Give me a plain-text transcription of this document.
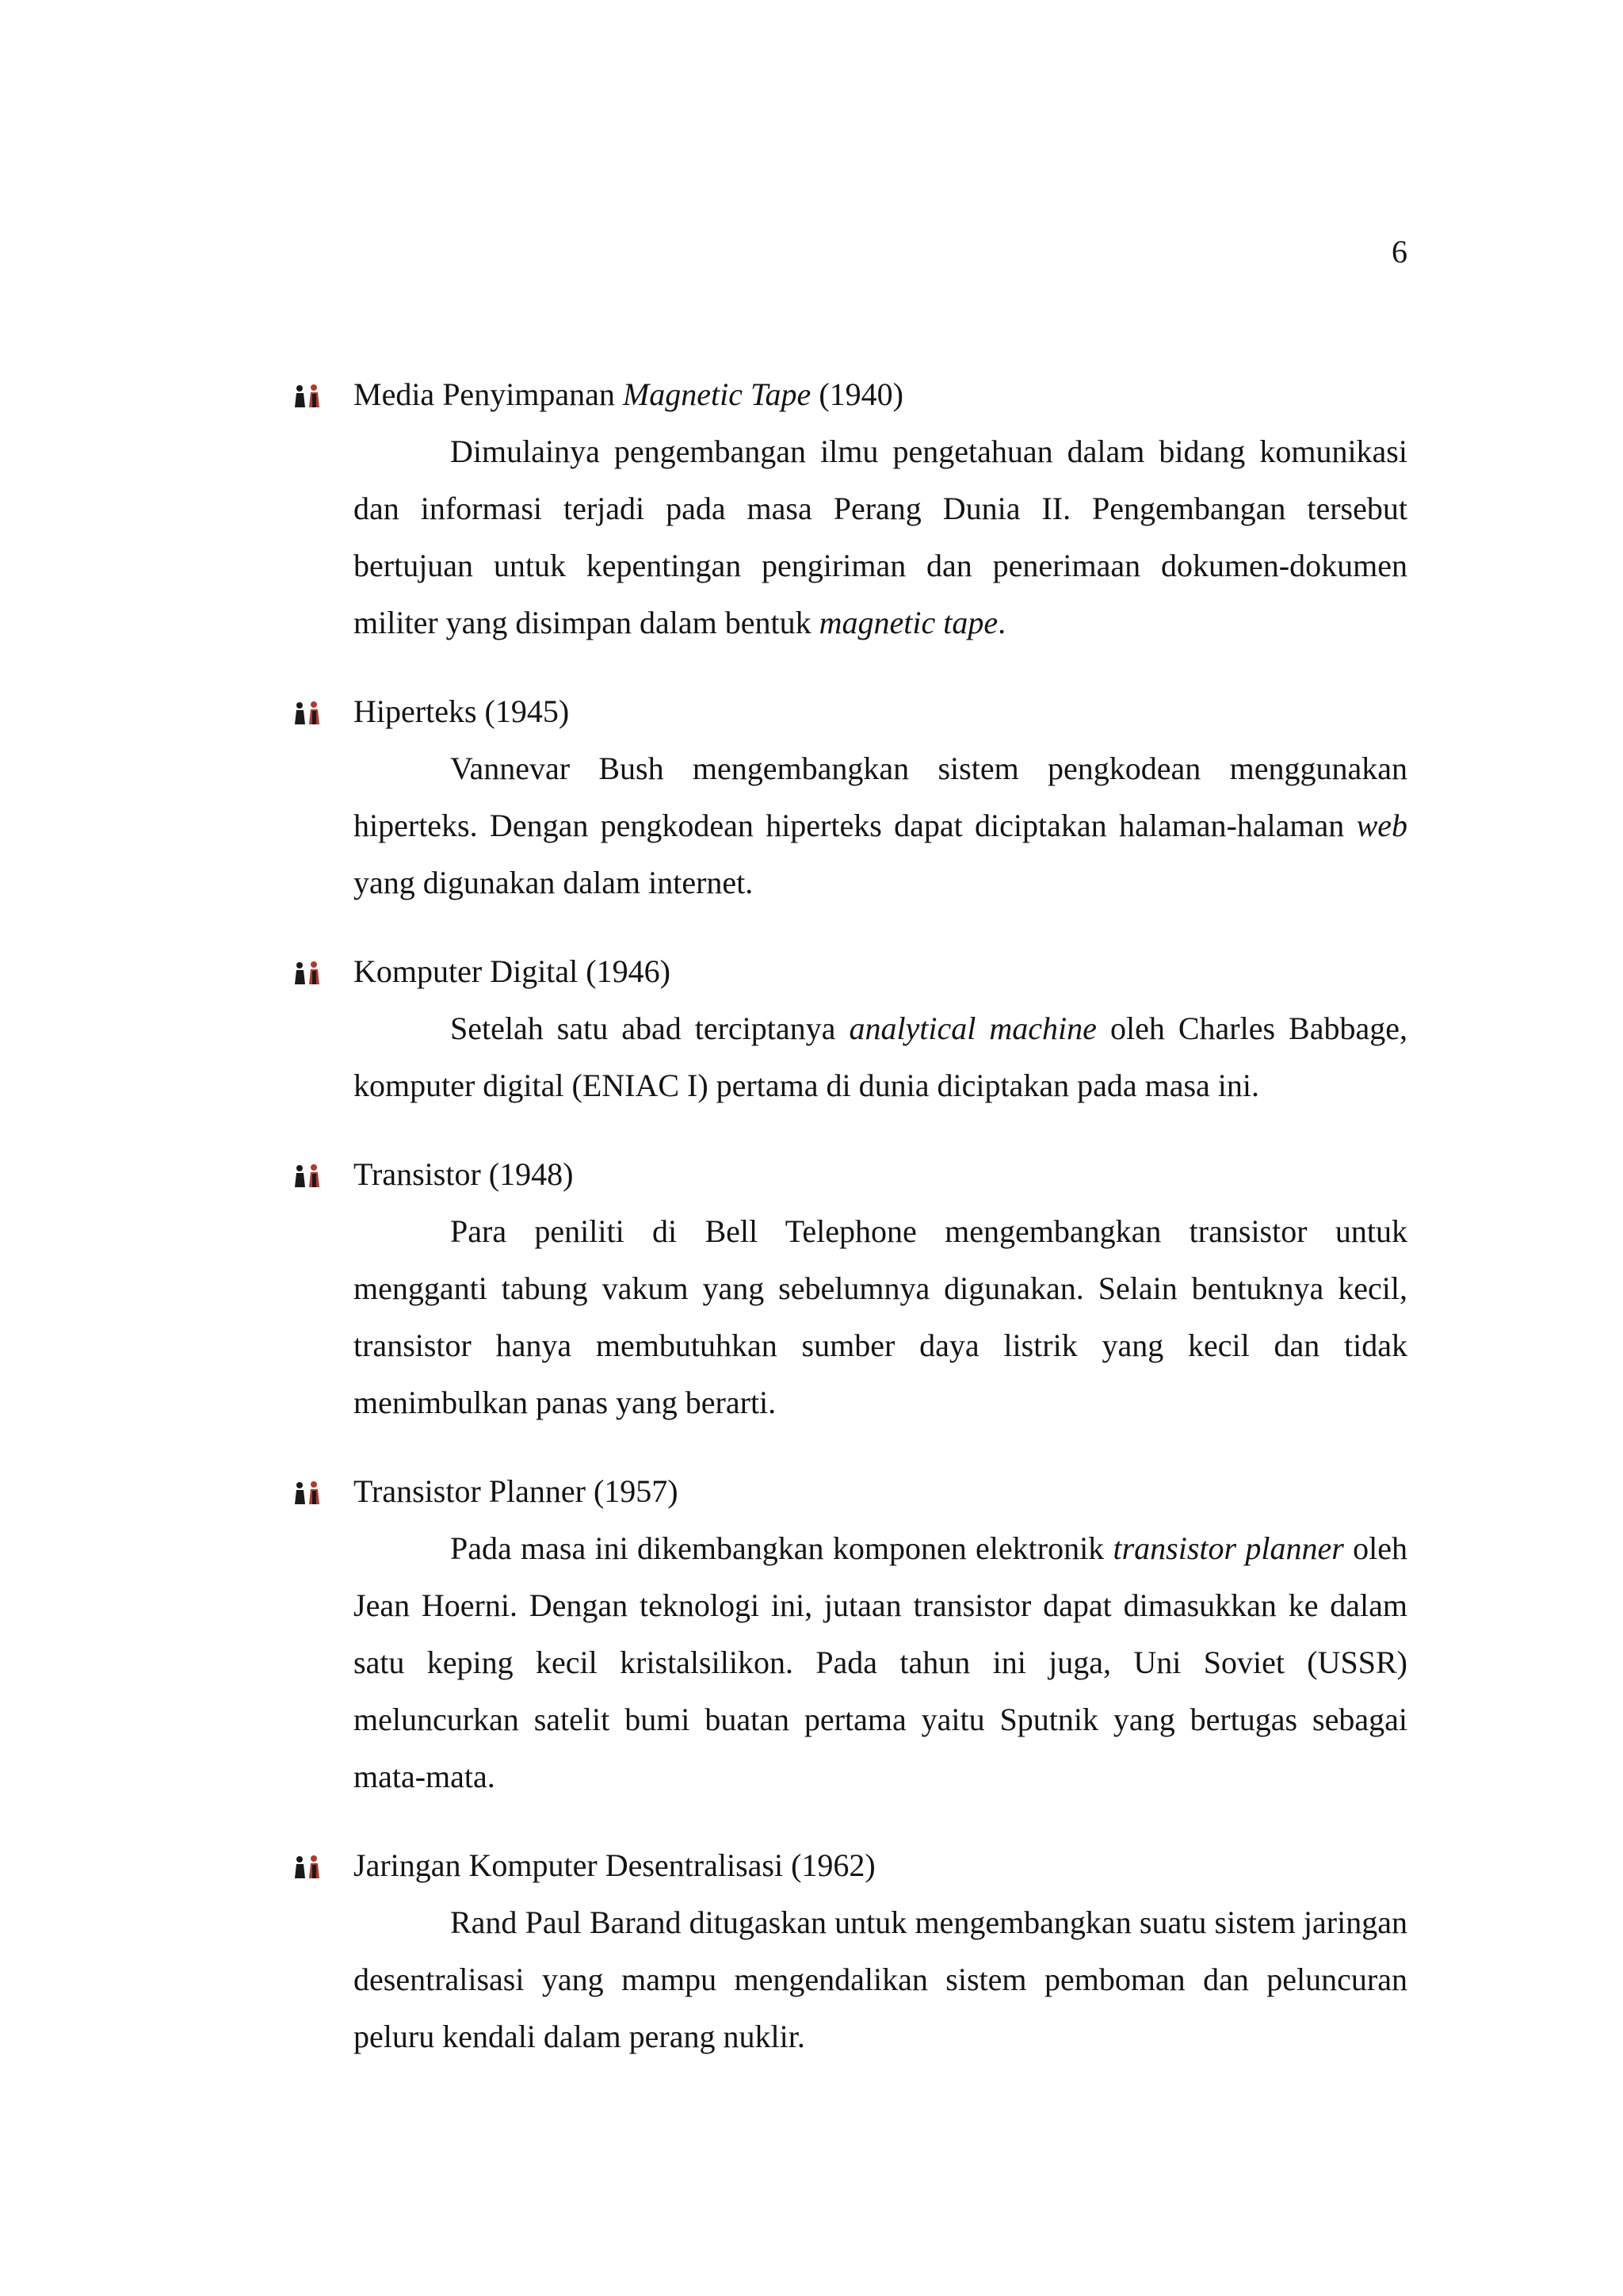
6
Media Penyimpanan Magnetic Tape (1940)

Dimulainya pengembangan ilmu pengetahuan dalam bidang komunikasi dan informasi terjadi pada masa Perang Dunia II. Pengembangan tersebut bertujuan untuk kepentingan pengiriman dan penerimaan dokumen-dokumen militer yang disimpan dalam bentuk magnetic tape.

Hiperteks (1945)

Vannevar Bush mengembangkan sistem pengkodean menggunakan hiperteks. Dengan pengkodean hiperteks dapat diciptakan halaman-halaman web yang digunakan dalam internet.

Komputer Digital (1946)

Setelah satu abad terciptanya analytical machine oleh Charles Babbage, komputer digital (ENIAC I) pertama di dunia diciptakan pada masa ini.

Transistor (1948)

Para peniliti di Bell Telephone mengembangkan transistor untuk mengganti tabung vakum yang sebelumnya digunakan. Selain bentuknya kecil, transistor hanya membutuhkan sumber daya listrik yang kecil dan tidak menimbulkan panas yang berarti.

Transistor Planner (1957)

Pada masa ini dikembangkan komponen elektronik transistor planner oleh Jean Hoerni. Dengan teknologi ini, jutaan transistor dapat dimasukkan ke dalam satu keping kecil kristalsilikon. Pada tahun ini juga, Uni Soviet (USSR) meluncurkan satelit bumi buatan pertama yaitu Sputnik yang bertugas sebagai mata-mata.

Jaringan Komputer Desentralisasi (1962)

Rand Paul Barand ditugaskan untuk mengembangkan suatu sistem jaringan desentralisasi yang mampu mengendalikan sistem pemboman dan peluncuran peluru kendali dalam perang nuklir.
